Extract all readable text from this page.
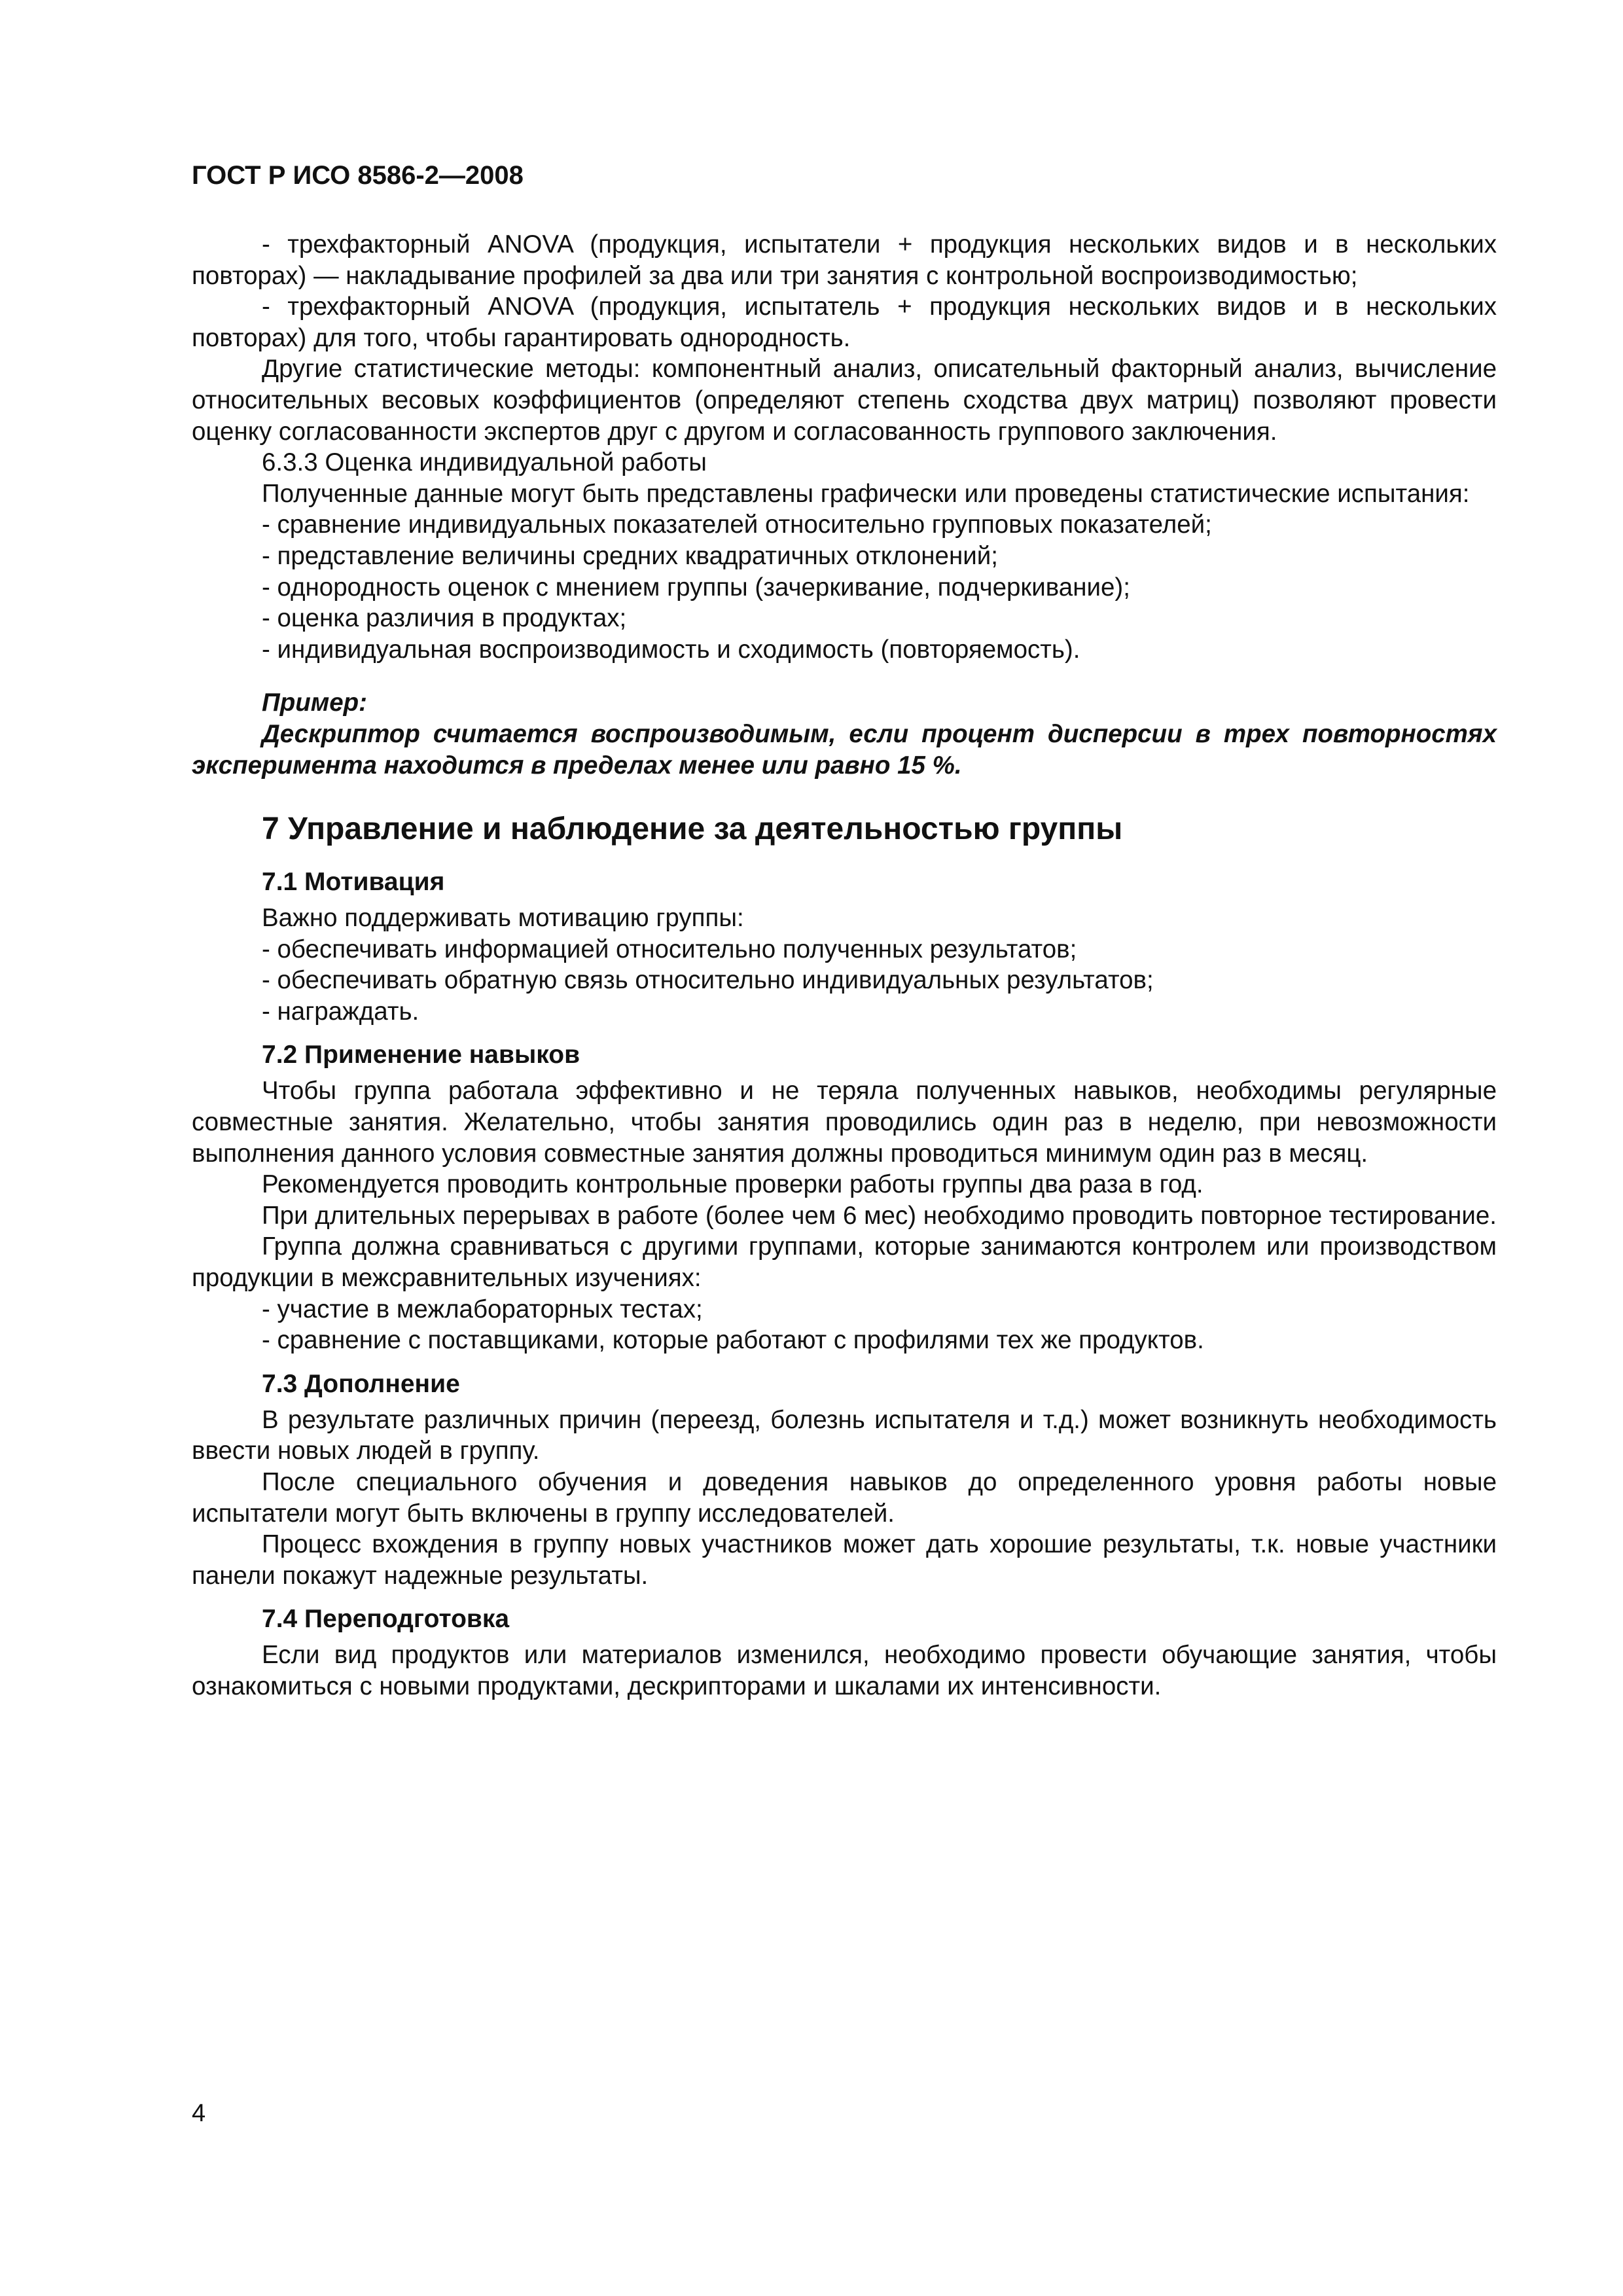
ГОСТ Р ИСО 8586-2—2008

- трехфакторный ANOVA (продукция, испытатели + продукция нескольких видов и в нескольких повторах) — накладывание профилей за два или три занятия с контрольной воспроизводимостью;

- трехфакторный ANOVA (продукция, испытатель + продукция нескольких видов и в нескольких повторах) для того, чтобы гарантировать однородность.

Другие статистические методы: компонентный анализ, описательный факторный анализ, вычисление относительных весовых коэффициентов (определяют степень сходства двух матриц) позволяют провести оценку согласованности экспертов друг с другом и согласованность группового заключения.

6.3.3 Оценка индивидуальной работы

Полученные данные могут быть представлены графически или проведены статистические испытания:

- сравнение индивидуальных показателей относительно групповых показателей;

- представление величины средних квадратичных отклонений;

- однородность оценок с мнением группы (зачеркивание, подчеркивание);

- оценка различия в продуктах;

- индивидуальная воспроизводимость и сходимость (повторяемость).

Пример:

Дескриптор считается воспроизводимым, если процент дисперсии в трех повторностях эксперимента находится в пределах менее или равно 15 %.

7 Управление и наблюдение за деятельностью группы
7.1 Мотивация

Важно поддерживать мотивацию группы:

- обеспечивать информацией относительно полученных результатов;

- обеспечивать обратную связь относительно индивидуальных результатов;

- награждать.

7.2 Применение навыков

Чтобы группа работала эффективно и не теряла полученных навыков, необходимы регулярные совместные занятия. Желательно, чтобы занятия проводились один раз в неделю, при невозможности выполнения данного условия совместные занятия должны проводиться минимум один раз в месяц.

Рекомендуется проводить контрольные проверки работы группы два раза в год.

При длительных перерывах в работе (более чем 6 мес) необходимо проводить повторное тестирование.

Группа должна сравниваться с другими группами, которые занимаются контролем или производством продукции в межсравнительных изучениях:

- участие в межлабораторных тестах;

- сравнение с поставщиками, которые работают с профилями тех же продуктов.

7.3 Дополнение

В результате различных причин (переезд, болезнь испытателя и т.д.) может возникнуть необходимость ввести новых людей в группу.

После специального обучения и доведения навыков до определенного уровня работы новые испытатели могут быть включены в группу исследователей.

Процесс вхождения в группу новых участников может дать хорошие результаты, т.к. новые участники панели покажут надежные результаты.

7.4 Переподготовка

Если вид продуктов или материалов изменился, необходимо провести обучающие занятия, чтобы ознакомиться с новыми продуктами, дескрипторами и шкалами их интенсивности.

4
